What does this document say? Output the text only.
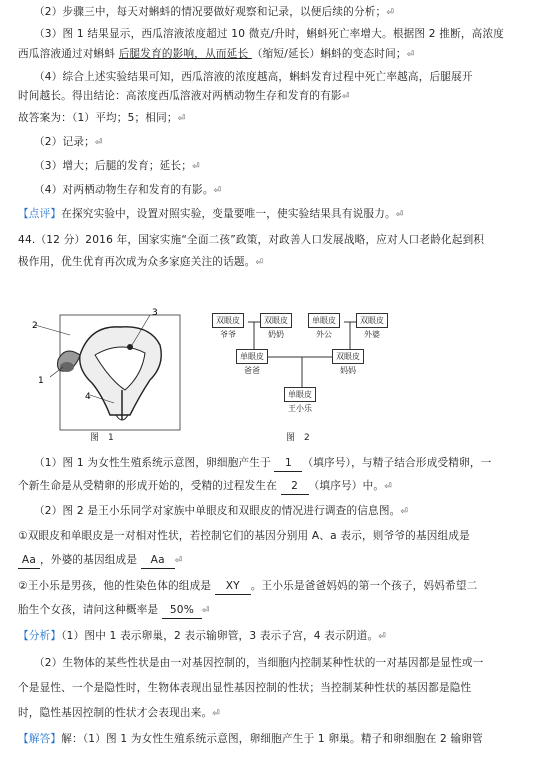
（2）步骤三中，每天对蝌蚪的情况要做好观察和记录，以便后续的分析；⏎
（3）图 1 结果显示，西瓜溶液浓度超过 10 微克/升时，蝌蚪死亡率增大。根据图 2 推断，高浓度
西瓜溶液通过对蝌蚪 后腿发育的影响，从而延长 （缩短/延长）蝌蚪的变态时间；⏎
（4）综合上述实验结果可知，西瓜溶液的浓度越高，蝌蚪发育过程中死亡率越高，后腿展开
时间越长。得出结论：高浓度西瓜溶液对两栖动物生存和发育的有影⏎
故答案为：（1）平均；5；相同；⏎
（2）记录；⏎
（3）增大；后腿的发育；延长；⏎
（4）对两栖动物生存和发育的有影。⏎
【点评】在探究实验中，设置对照实验，变量要唯一，使实验结果具有说服力。⏎
44.（12 分）2016 年，国家实施“全面二孩”政策，对政善人口发展战略，应对人口老龄化起到积
极作用，优生优育再次成为众多家庭关注的话题。⏎
2
1
3
4
图　1
双眼皮	双眼皮	单眼皮	双眼皮
爷爷	奶奶	外公	外婆
单眼皮	双眼皮
爸爸	妈妈
单眼皮
王小乐
图　2
（1）图 1 为女性生殖系统示意图，卵细胞产生于 1 （填序号），与精子结合形成受精卵，一
个新生命是从受精卵的形成开始的，受精的过程发生在 2 （填序号）中。⏎
（2）图 2 是王小乐同学对家族中单眼皮和双眼皮的情况进行调查的信息图。⏎
①双眼皮和单眼皮是一对相对性状，若控制它们的基因分别用 A、a 表示，则爷爷的基因组成是
Aa ，外婆的基因组成是 Aa ⏎
②王小乐是男孩，他的性染色体的组成是 XY 。王小乐是爸爸妈妈的第一个孩子，妈妈希望二
胎生个女孩，请问这种概率是 50% ⏎
【分析】（1）图中 1 表示卵巢，2 表示输卵管，3 表示子宫，4 表示阴道。⏎
（2）生物体的某些性状是由一对基因控制的，当细胞内控制某种性状的一对基因都是显性或一
个是显性、一个是隐性时，生物体表现出显性基因控制的性状；当控制某种性状的基因都是隐性
时，隐性基因控制的性状才会表现出来。⏎
【解答】解：（1）图 1 为女性生殖系统示意图，卵细胞产生于 1 卵巢。精子和卵细胞在 2 输卵管
